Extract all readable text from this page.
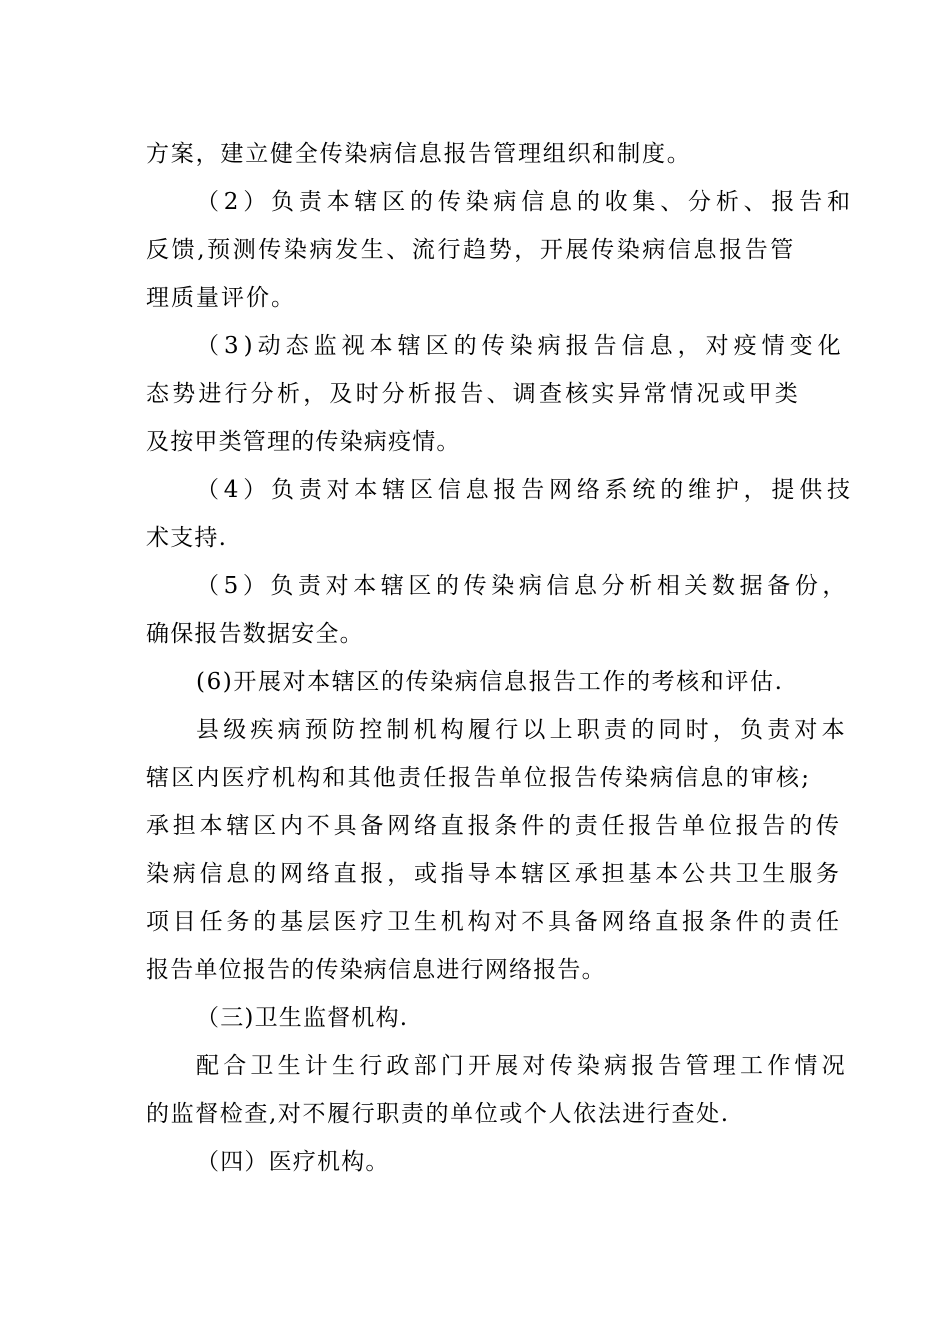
方案，建立健全传染病信息报告管理组织和制度。

（2）负责本辖区的传染病信息的收集、分析、报告和

反馈,预测传染病发生、流行趋势，开展传染病信息报告管

理质量评价。

（3)动态监视本辖区的传染病报告信息，对疫情变化

态势进行分析，及时分析报告、调查核实异常情况或甲类

及按甲类管理的传染病疫情。

（4）负责对本辖区信息报告网络系统的维护，提供技

术支持.

（5）负责对本辖区的传染病信息分析相关数据备份，

确保报告数据安全。

(6)开展对本辖区的传染病信息报告工作的考核和评估.

县级疾病预防控制机构履行以上职责的同时，负责对本

辖区内医疗机构和其他责任报告单位报告传染病信息的审核;

承担本辖区内不具备网络直报条件的责任报告单位报告的传

染病信息的网络直报，或指导本辖区承担基本公共卫生服务

项目任务的基层医疗卫生机构对不具备网络直报条件的责任

报告单位报告的传染病信息进行网络报告。

（三)卫生监督机构.

配合卫生计生行政部门开展对传染病报告管理工作情况

的监督检查,对不履行职责的单位或个人依法进行查处.

（四）医疗机构。
